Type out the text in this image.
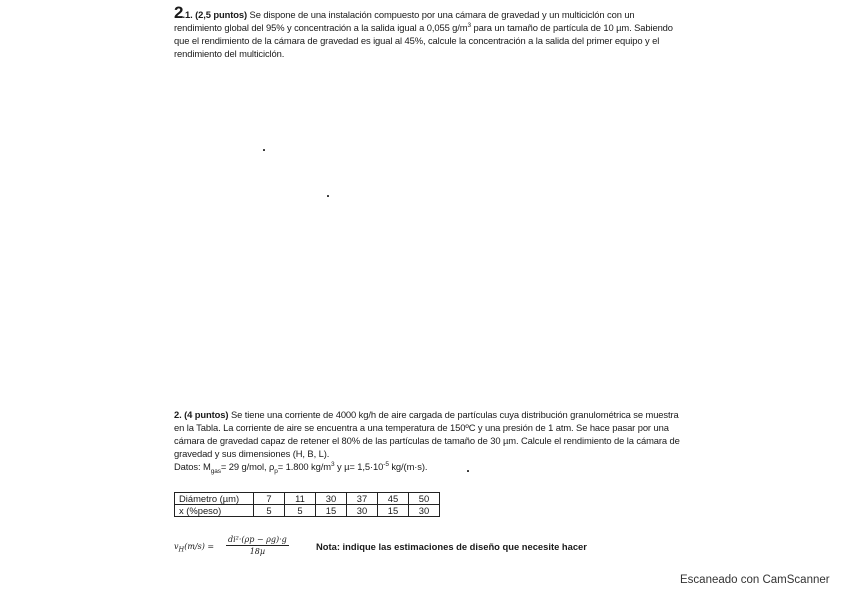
2.1. (2,5 puntos) Se dispone de una instalación compuesto por una cámara de gravedad y un multiciclón con un rendimiento global del 95% y concentración a la salida igual a 0,055 $g/m^3$ para un tamaño de partícula de 10 µm. Sabiendo que el rendimiento de la cámara de gravedad es igual al 45%, calcule la concentración a la salida del primer equipo y el rendimiento del multiciclón.
2. (4 puntos) Se tiene una corriente de 4000 kg/h de aire cargada de partículas cuya distribución granulométrica se muestra en la Tabla. La corriente de aire se encuentra a una temperatura de 150ºC y una presión de 1 atm. Se hace pasar por una cámara de gravedad capaz de retener el 80% de las partículas de tamaño de 30 µm. Calcule el rendimiento de la cámara de gravedad y sus dimensiones (H, B, L).
Datos: $M_{gas}= 29$ g/mol, $\rho_p= 1.800$ $kg/m^3$ y $\mu= 1,5\cdot 10^{-5}$ kg/(m·s).
Diámetro (µm)	7	11	30	37	45	50
x (%peso)	5	5	15	30	15	30
$v_H(m/s)$ =
di²·(ρp − ρg)·g
18µ	Nota: indique las estimaciones de diseño que necesite hacer
Escaneado con CamScanner
